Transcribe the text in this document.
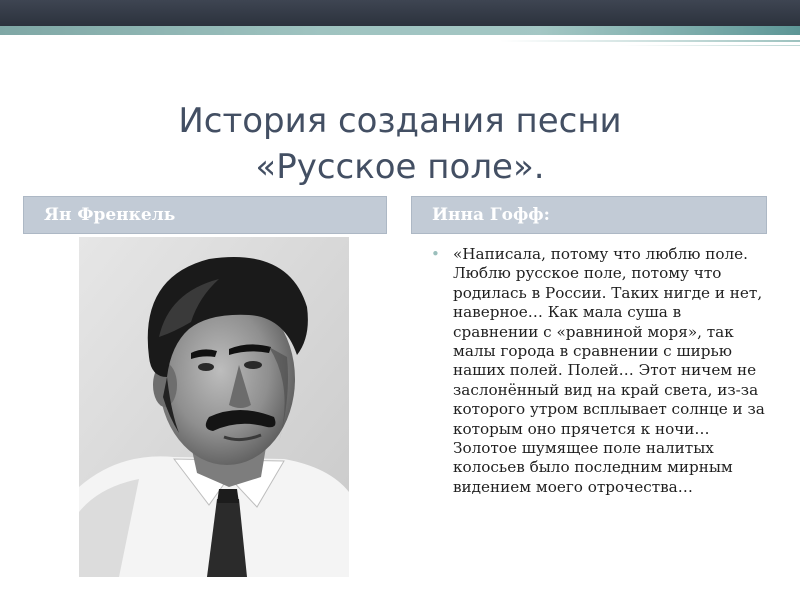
История создания песни
«Русское поле».
Ян Френкель	Инна Гофф:
• «Написала, потому что люблю поле. Люблю русское поле, потому что родилась в России. Таких нигде и нет, наверное… Как мала суша в сравнении с «равниной моря», так малы города в сравнении с ширью наших полей. Полей… Этот ничем не заслонённый вид на край света, из-за которого утром всплывает солнце и за которым оно прячется к ночи… Золотое шумящее поле налитых колосьев было последним мирным видением моего отрочества…
